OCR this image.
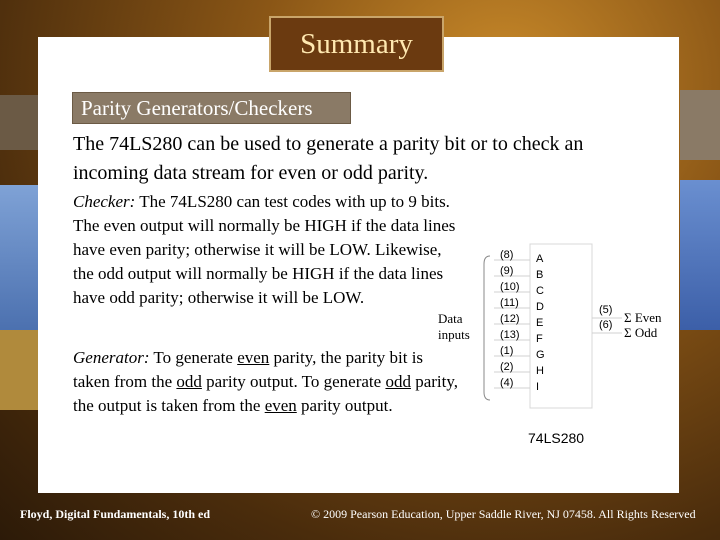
Summary
Parity Generators/Checkers
The 74LS280 can be used to generate a parity bit or to check an incoming data stream for even or odd parity.
Checker: The 74LS280 can test codes with up to 9 bits. The even output will normally be HIGH if the data lines have even parity; otherwise it will be LOW. Likewise, the odd output will normally be HIGH if the data lines have odd parity; otherwise it will be LOW.
Data
inputs
Generator: To generate even parity, the parity bit is taken from the odd parity output. To generate odd parity, the output is taken from the even parity output.
(8) A
(9) B
(10) C
(11) D
(12) E
(13) F
(1) G
(2) H
(4) I
(5) Σ Even
(6) Σ Odd
74LS280
Floyd, Digital Fundamentals, 10th ed	© 2009 Pearson Education, Upper Saddle River, NJ 07458. All Rights Reserved
